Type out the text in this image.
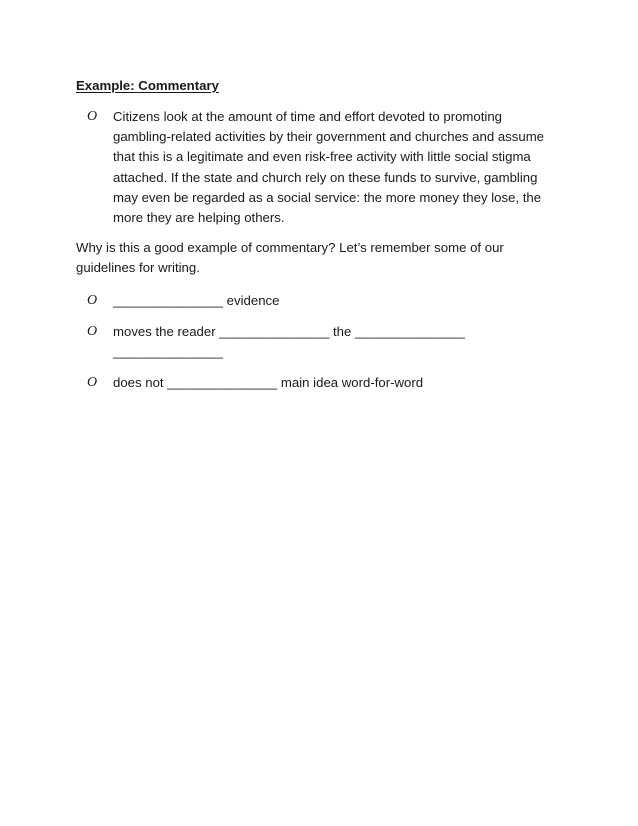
Example: Commentary
O Citizens look at the amount of time and effort devoted to promoting
gambling-related activities by their government and churches and assume
that this is a legitimate and even risk-free activity with little social stigma
attached. If the state and church rely on these funds to survive, gambling
may even be regarded as a social service: the more money they lose, the
more they are helping others.
Why is this a good example of commentary? Let’s remember some of our
guidelines for writing.
O _______________ evidence
O moves the reader _______________ the _______________
_______________
O does not _______________ main idea word-for-word
